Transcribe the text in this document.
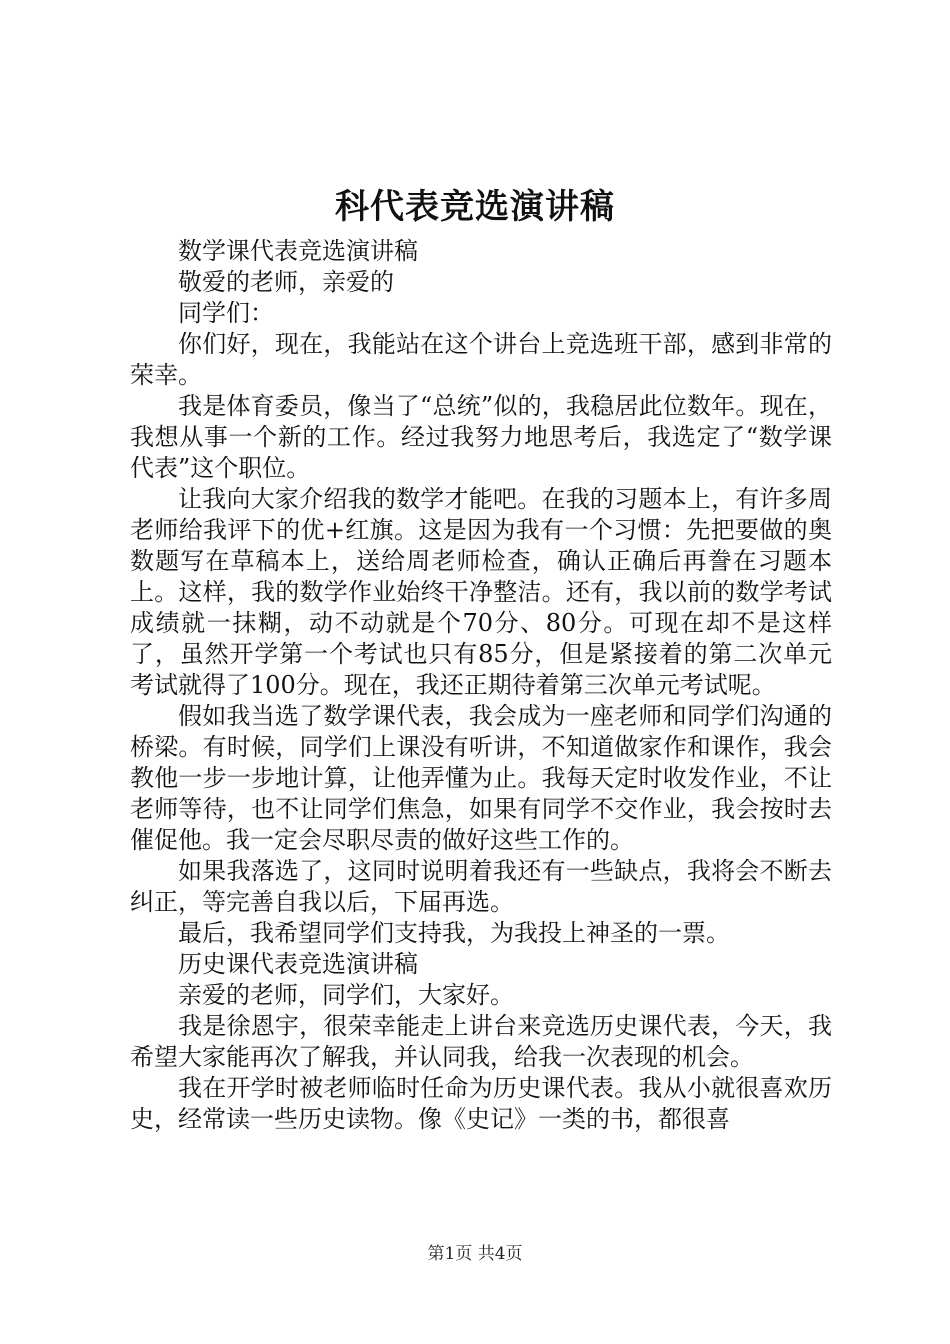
科代表竞选演讲稿

数学课代表竞选演讲稿

敬爱的老师，亲爱的

同学们：

你们好，现在，我能站在这个讲台上竞选班干部，感到非常的荣幸。

我是体育委员，像当了“总统”似的，我稳居此位数年。现在，我想从事一个新的工作。经过我努力地思考后，我选定了“数学课代表”这个职位。

让我向大家介绍我的数学才能吧。在我的习题本上，有许多周老师给我评下的优+红旗。这是因为我有一个习惯：先把要做的奥数题写在草稿本上，送给周老师检查，确认正确后再誊在习题本上。这样，我的数学作业始终干净整洁。还有，我以前的数学考试成绩就一抹糊，动不动就是个70分、80分。可现在却不是这样了，虽然开学第一个考试也只有85分，但是紧接着的第二次单元考试就得了100分。现在，我还正期待着第三次单元考试呢。

假如我当选了数学课代表，我会成为一座老师和同学们沟通的桥梁。有时候，同学们上课没有听讲，不知道做家作和课作，我会教他一步一步地计算，让他弄懂为止。我每天定时收发作业，不让老师等待，也不让同学们焦急，如果有同学不交作业，我会按时去催促他。我一定会尽职尽责的做好这些工作的。

如果我落选了，这同时说明着我还有一些缺点，我将会不断去纠正，等完善自我以后，下届再选。

最后，我希望同学们支持我，为我投上神圣的一票。

历史课代表竞选演讲稿

亲爱的老师，同学们，大家好。

我是徐恩宇，很荣幸能走上讲台来竞选历史课代表，今天，我希望大家能再次了解我，并认同我，给我一次表现的机会。

我在开学时被老师临时任命为历史课代表。我从小就很喜欢历史，经常读一些历史读物。像《史记》一类的书，都很喜

第1页 共4页
